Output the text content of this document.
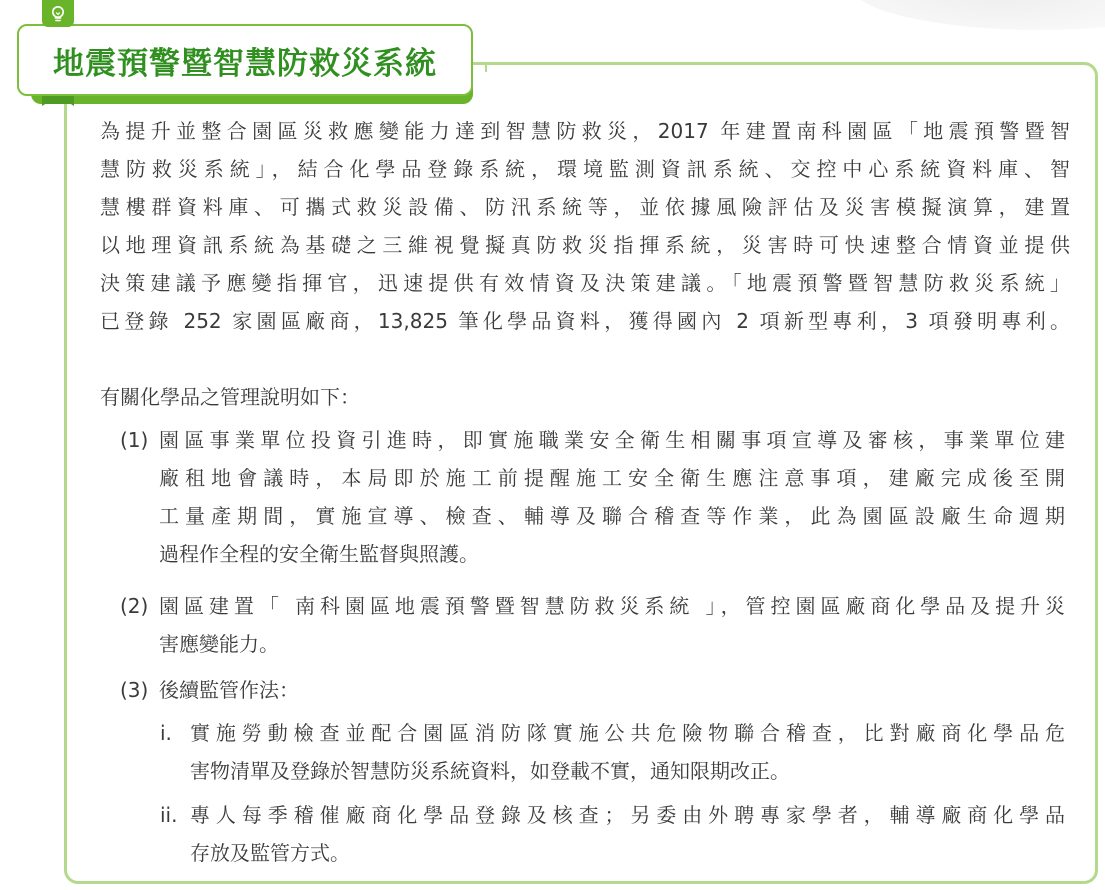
地震預警暨智慧防救災系統
為提升並整合園區災救應變能力達到智慧防救災，2017 年建置南科園區「地震預警暨智
慧防救災系統」，結合化學品登錄系統，環境監測資訊系統、交控中心系統資料庫、智
慧樓群資料庫、可攜式救災設備、防汛系統等，並依據風險評估及災害模擬演算，建置
以地理資訊系統為基礎之三維視覺擬真防救災指揮系統，災害時可快速整合情資並提供
決策建議予應變指揮官，迅速提供有效情資及決策建議。「地震預警暨智慧防救災系統」
已登錄 252 家園區廠商，13,825 筆化學品資料，獲得國內 2 項新型專利，3 項發明專利。
有關化學品之管理說明如下：
(1) 園區事業單位投資引進時，即實施職業安全衛生相關事項宣導及審核，事業單位建
廠租地會議時，本局即於施工前提醒施工安全衛生應注意事項，建廠完成後至開
工量產期間，實施宣導、檢查、輔導及聯合稽查等作業，此為園區設廠生命週期
過程作全程的安全衛生監督與照護。
(2) 園區建置「 南科園區地震預警暨智慧防救災系統 」，管控園區廠商化學品及提升災
害應變能力。
(3) 後續監管作法：
i. 實施勞動檢查並配合園區消防隊實施公共危險物聯合稽查，比對廠商化學品危
害物清單及登錄於智慧防災系統資料，如登載不實，通知限期改正。
ii. 專人每季稽催廠商化學品登錄及核查；另委由外聘專家學者，輔導廠商化學品
存放及監管方式。
